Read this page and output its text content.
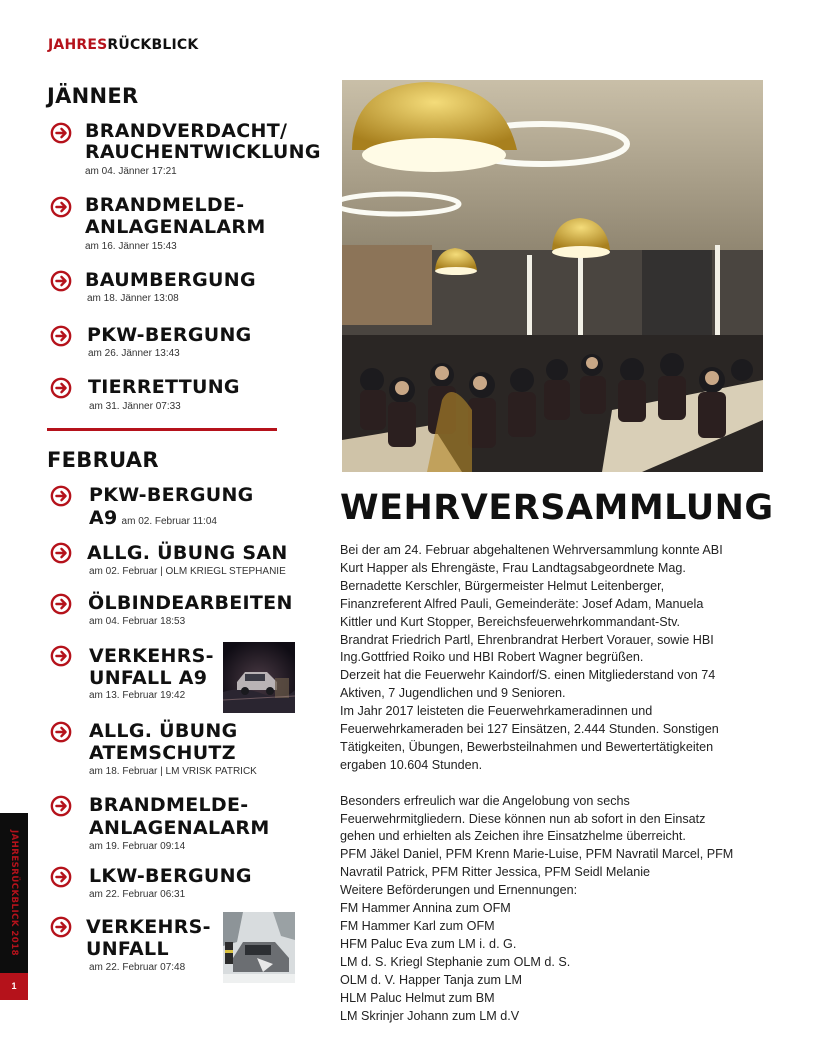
JAHRESRÜCKBLICK
JÄNNER
BRANDVERDACHT/
RAUCHENTWICKLUNG
am 04. Jänner 17:21
BRANDMELDE-
ANLAGENALARM
am 16. Jänner 15:43
BAUMBERGUNG
am 18. Jänner 13:08
PKW-BERGUNG
am 26. Jänner 13:43
TIERRETTUNG
am 31. Jänner 07:33
FEBRUAR
PKW-BERGUNG
A9 am 02. Februar 11:04
ALLG. ÜBUNG SAN
am 02. Februar | OLM KRIEGL STEPHANIE
ÖLBINDEARBEITEN
am 04. Februar 18:53
VERKEHRS-
UNFALL A9
am 13. Februar 19:42
ALLG. ÜBUNG
ATEMSCHUTZ
am 18. Februar | LM VRISK PATRICK
BRANDMELDE-
ANLAGENALARM
am 19. Februar 09:14
LKW-BERGUNG
am 22. Februar 06:31
VERKEHRS-
UNFALL
am 22. Februar 07:48
WEHRVERSAMMLUNG

Bei der am 24. Februar abgehaltenen Wehrversammlung konnte ABI

Kurt Happer als Ehrengäste, Frau Landtagsabgeordnete Mag.

Bernadette Kerschler, Bürgermeister Helmut Leitenberger,

Finanzreferent Alfred Pauli, Gemeinderäte: Josef Adam, Manuela

Kittler und Kurt Stopper, Bereichsfeuerwehrkommandant-Stv.

Brandrat Friedrich Partl, Ehrenbrandrat Herbert Vorauer, sowie HBI

Ing.Gottfried Roiko und HBI Robert Wagner begrüßen.

Derzeit hat die Feuerwehr Kaindorf/S. einen Mitgliederstand von 74

Aktiven, 7 Jugendlichen und 9 Senioren.

Im Jahr 2017 leisteten die Feuerwehrkameradinnen und

Feuerwehrkameraden bei 127 Einsätzen, 2.444 Stunden. Sonstigen

Tätigkeiten, Übungen, Bewerbsteilnahmen und Bewertertätigkeiten

ergaben 10.604 Stunden.

Besonders erfreulich war die Angelobung von sechs

Feuerwehrmitgliedern. Diese können nun ab sofort in den Einsatz

gehen und erhielten als Zeichen ihre Einsatzhelme überreicht.

PFM Jäkel Daniel, PFM Krenn Marie-Luise, PFM Navratil Marcel, PFM

Navratil Patrick, PFM Ritter Jessica, PFM Seidl Melanie

Weitere Beförderungen und Ernennungen:

FM Hammer Annina zum OFM

FM Hammer Karl zum OFM

HFM Paluc Eva zum LM i. d. G.

LM d. S. Kriegl Stephanie zum OLM d. S.

OLM d. V. Happer Tanja zum LM

HLM Paluc Helmut zum BM

LM Skrinjer Johann zum LM d.V

JAHRESRÜCKBLICK 2018
1
